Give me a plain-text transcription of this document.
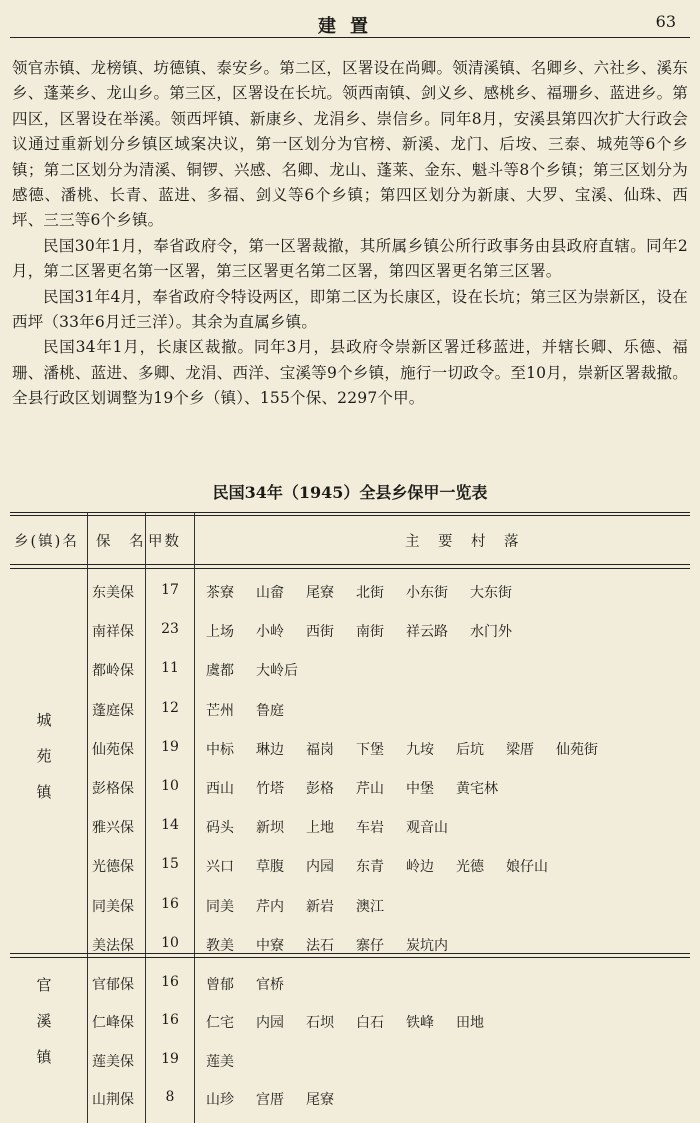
建置	63

领官赤镇、龙榜镇、坊德镇、泰安乡。第二区，区署设在尚卿。领清溪镇、名卿乡、六社乡、溪东乡、蓬莱乡、龙山乡。第三区，区署设在长坑。领西南镇、剑义乡、感桃乡、福珊乡、蓝进乡。第四区，区署设在举溪。领西坪镇、新康乡、龙涓乡、崇信乡。同年8月，安溪县第四次扩大行政会议通过重新划分乡镇区域案决议，第一区划分为官榜、新溪、龙门、后垵、三泰、城苑等6个乡镇；第二区划分为清溪、铜锣、兴感、名卿、龙山、蓬莱、金东、魁斗等8个乡镇；第三区划分为感德、潘桃、长青、蓝进、多福、剑义等6个乡镇；第四区划分为新康、大罗、宝溪、仙珠、西坪、三三等6个乡镇。

民国30年1月，奉省政府令，第一区署裁撤，其所属乡镇公所行政事务由县政府直辖。同年2月，第二区署更名第一区署，第三区署更名第二区署，第四区署更名第三区署。

民国31年4月，奉省政府令特设两区，即第二区为长康区，设在长坑；第三区为崇新区，设在西坪（33年6月迁三洋）。其余为直属乡镇。

民国34年1月，长康区裁撤。同年3月，县政府令崇新区署迁移蓝进，并辖长卿、乐德、福珊、潘桃、蓝进、多卿、龙涓、西洋、宝溪等9个乡镇，施行一切政令。至10月，崇新区署裁撤。全县行政区划调整为19个乡（镇）、155个保、2297个甲。

民国34年（1945）全县乡保甲一览表
乡(镇)名 保　名 甲数	主　要　村　落
城
苑
镇
东美保	17	茶寮 山畲 尾寮 北街 小东街 大东街
南祥保	23	上场 小岭 西街 南街 祥云路 水门外
都岭保	11	虞都 大岭后
蓬庭保	12	芒州 鲁庭
仙苑保	19	中标 琳边 福岗 下堡 九垵 后坑 梁厝 仙苑街
彭格保	10	西山 竹塔 彭格 芹山 中堡 黄宅林
雅兴保	14	码头 新坝 上地 车岩 观音山
光德保	15	兴口 草腹 内园 东青 岭边 光德 娘仔山
同美保	16	同美 芹内 新岩 澳江
美法保	10	教美 中寮 法石 寨仔 炭坑内
官
溪
镇
官郁保	16	曾郁 官桥
仁峰保	16	仁宅 内园 石坝 白石 铁峰 田地
莲美保	19	莲美
山荆保	8	山珍 宫厝 尾寮
